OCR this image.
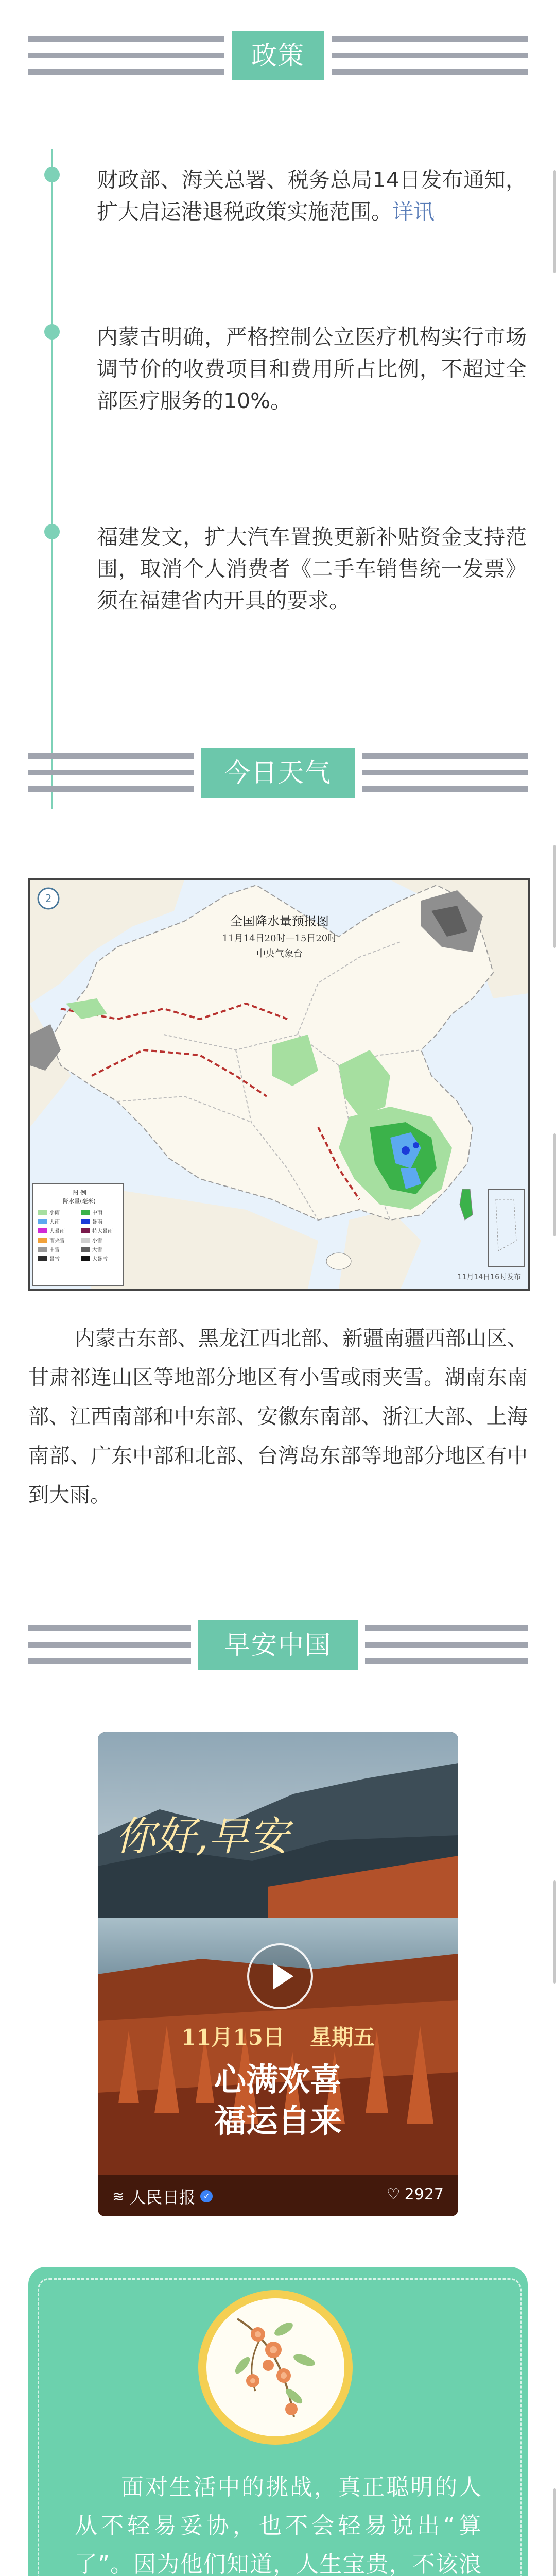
政策
财政部、海关总署、税务总局14日发布通知，扩大启运港退税政策实施范围。详讯
内蒙古明确，严格控制公立医疗机构实行市场调节价的收费项目和费用所占比例，不超过全部医疗服务的10%。
福建发文，扩大汽车置换更新补贴资金支持范围，取消个人消费者《二手车销售统一发票》须在福建省内开具的要求。
今日天气
2
全国降水量预报图
11月14日20时—15日20时
中央气象台
图 例
降水量(毫米)
小雨	中雨
大雨	暴雨
大暴雨	特大暴雨
雨夹雪	小雪
中雪	大雪
暴雪	大暴雪
11月14日16时发布
内蒙古东部、黑龙江西北部、新疆南疆西部山区、甘肃祁连山区等地部分地区有小雪或雨夹雪。湖南东南部、江西南部和中东部、安徽东南部、浙江大部、上海南部、广东中部和北部、台湾岛东部等地部分地区有中到大雨。
早安中国
你好,早安
11月15日 星期五
心满欢喜
福运自来
≋ 人民日报 ✓	♡ 2927
面对生活中的挑战，真正聪明的人从不轻易妥协，也不会轻易说出“算了”。因为他们知道，人生宝贵，不该浪
